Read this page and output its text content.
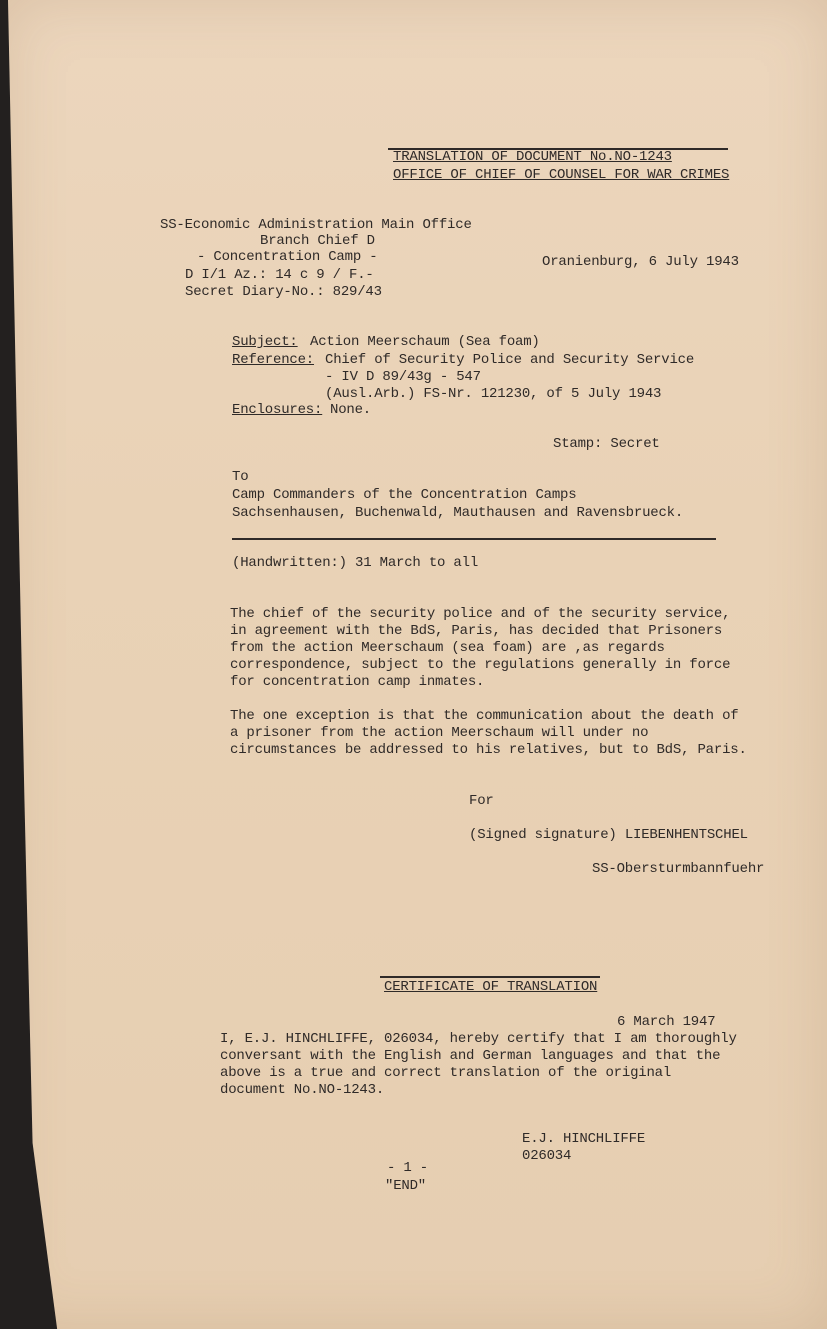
TRANSLATION OF DOCUMENT No.NO-1243
OFFICE OF CHIEF OF COUNSEL FOR WAR CRIMES
SS-Economic Administration Main Office
Branch Chief D
- Concentration Camp -
D I/1 Az.: 14 c 9 / F.-
Secret Diary-No.: 829/43
Oranienburg, 6 July 1943
Subject: Action Meerschaum (Sea foam)
Reference: Chief of Security Police and Security Service
- IV D 89/43g - 547
(Ausl.Arb.) FS-Nr. 121230, of 5 July 1943
Enclosures: None.
Stamp: Secret
To
Camp Commanders of the Concentration Camps
Sachsenhausen, Buchenwald, Mauthausen and Ravensbrueck.
(Handwritten:) 31 March to all
The chief of the security police and of the security service,
in agreement with the BdS, Paris, has decided that Prisoners
from the action Meerschaum (sea foam) are ,as regards
correspondence, subject to the regulations generally in force
for concentration camp inmates.
The one exception is that the communication about the death of
a prisoner from the action Meerschaum will under no
circumstances be addressed to his relatives, but to BdS, Paris.
For
(Signed signature) LIEBENHENTSCHEL
SS-Obersturmbannfuehr
CERTIFICATE OF TRANSLATION
6 March 1947
I, E.J. HINCHLIFFE, 026034, hereby certify that I am thoroughly
conversant with the English and German languages and that the
above is a true and correct translation of the original
document No.NO-1243.
E.J. HINCHLIFFE
026034
- 1 -
"END"
